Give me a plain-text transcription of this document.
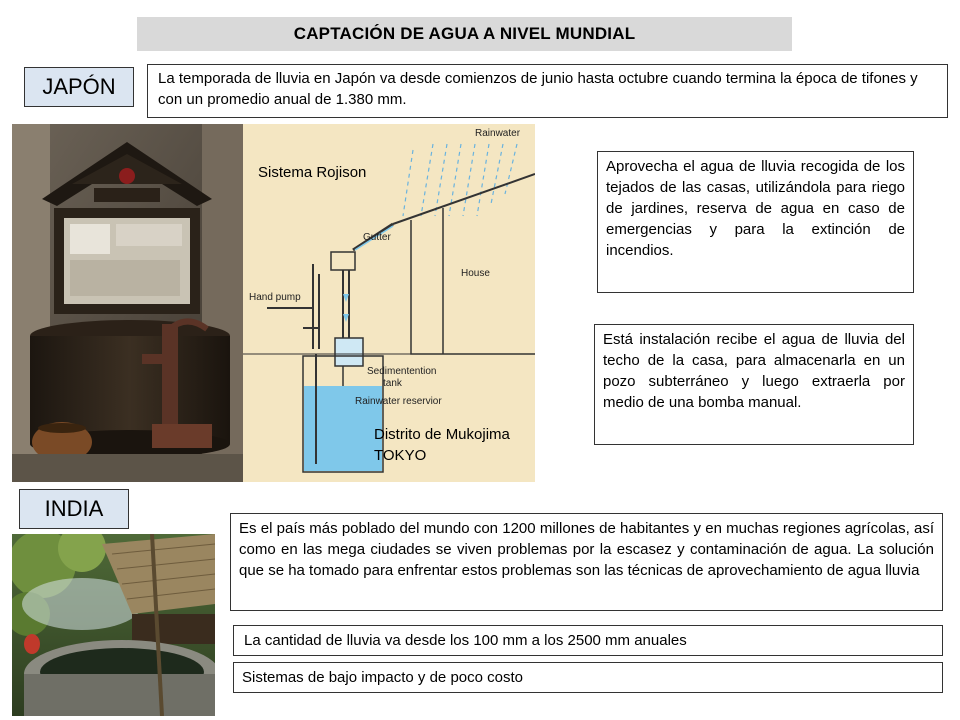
CAPTACIÓN DE AGUA A NIVEL MUNDIAL
JAPÓN	La temporada de lluvia en Japón va desde comienzos de junio hasta octubre cuando termina la época de tifones y con un promedio anual de 1.380 mm.
Rainwater
Gutter
House
Hand pump
Sedimentention
tank
Rainwater reservior
Sistema Rojison
Distrito de Mukojima
TOKYO
Aprovecha el agua de lluvia recogida de los tejados de las casas, utilizándola para riego de jardines, reserva de agua en caso de emergencias y para la extinción de incendios.
Está instalación recibe el agua de lluvia del techo de la casa, para almacenarla en un pozo subterráneo y luego extraerla por medio de una bomba manual.
INDIA
Es el país más poblado del mundo con 1200 millones de habitantes y en muchas regiones agrícolas, así como en las mega ciudades se viven problemas por la escasez y contaminación de agua. La solución que se ha tomado para enfrentar estos problemas son las técnicas de aprovechamiento de agua lluvia
La cantidad de lluvia va desde los 100 mm a los 2500 mm anuales
Sistemas de bajo impacto y de poco costo
